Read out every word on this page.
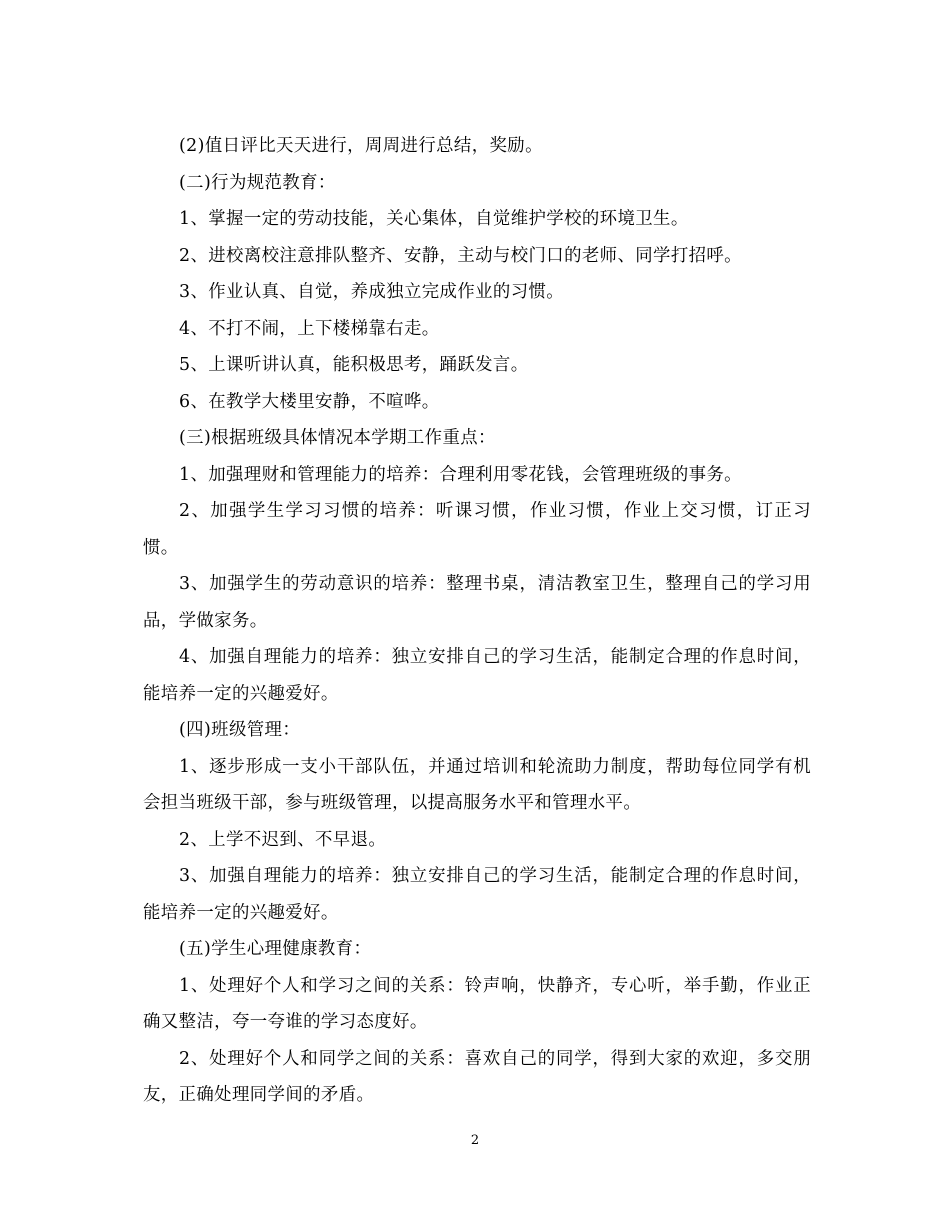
(2)值日评比天天进行，周周进行总结，奖励。

(二)行为规范教育：

1、掌握一定的劳动技能，关心集体，自觉维护学校的环境卫生。

2、进校离校注意排队整齐、安静，主动与校门口的老师、同学打招呼。

3、作业认真、自觉，养成独立完成作业的习惯。

4、不打不闹，上下楼梯靠右走。

5、上课听讲认真，能积极思考，踊跃发言。

6、在教学大楼里安静，不喧哗。

(三)根据班级具体情况本学期工作重点：

1、加强理财和管理能力的培养：合理利用零花钱，会管理班级的事务。

2、加强学生学习习惯的培养：听课习惯，作业习惯，作业上交习惯，订正习惯。

3、加强学生的劳动意识的培养：整理书桌，清洁教室卫生，整理自己的学习用品，学做家务。

4、加强自理能力的培养：独立安排自己的学习生活，能制定合理的作息时间，能培养一定的兴趣爱好。

(四)班级管理：

1、逐步形成一支小干部队伍，并通过培训和轮流助力制度，帮助每位同学有机会担当班级干部，参与班级管理，以提高服务水平和管理水平。

2、上学不迟到、不早退。

3、加强自理能力的培养：独立安排自己的学习生活，能制定合理的作息时间，能培养一定的兴趣爱好。

(五)学生心理健康教育：

1、处理好个人和学习之间的关系：铃声响，快静齐，专心听，举手勤，作业正确又整洁，夸一夸谁的学习态度好。

2、处理好个人和同学之间的关系：喜欢自己的同学，得到大家的欢迎，多交朋友，正确处理同学间的矛盾。

2
